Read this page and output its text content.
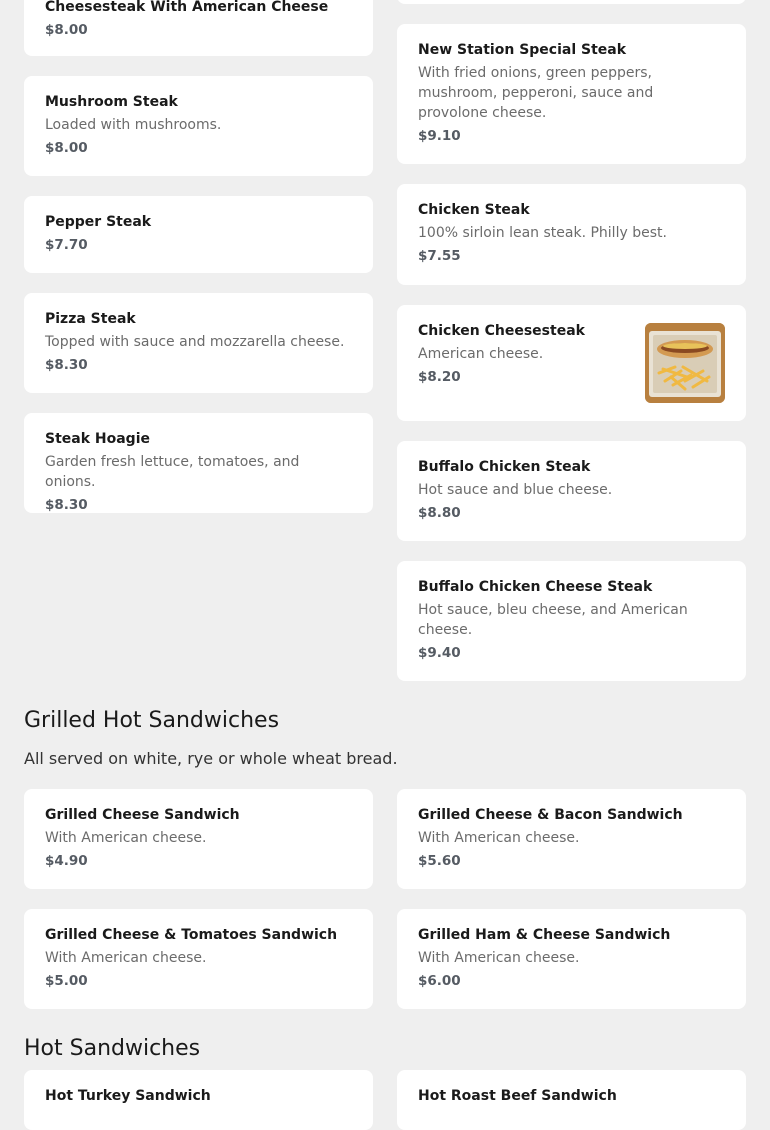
Cheesesteak With American Cheese
$8.00
Mushroom Steak
Loaded with mushrooms.
$8.00
Pepper Steak
$7.70
Pizza Steak
Topped with sauce and mozzarella cheese.
$8.30
Steak Hoagie
Garden fresh lettuce, tomatoes, and onions.
$8.30
New Station Special Steak
With fried onions, green peppers, mushroom, pepperoni, sauce and provolone cheese.
$9.10
Chicken Steak
100% sirloin lean steak. Philly best.
$7.55
Chicken Cheesesteak
American cheese.
$8.20
Buffalo Chicken Steak
Hot sauce and blue cheese.
$8.80
Buffalo Chicken Cheese Steak
Hot sauce, bleu cheese, and American cheese.
$9.40
Grilled Hot Sandwiches
All served on white, rye or whole wheat bread.
Grilled Cheese Sandwich
With American cheese.
$4.90
Grilled Cheese & Bacon Sandwich
With American cheese.
$5.60
Grilled Cheese & Tomatoes Sandwich
With American cheese.
$5.00
Grilled Ham & Cheese Sandwich
With American cheese.
$6.00
Hot Sandwiches
Hot Turkey Sandwich	Hot Roast Beef Sandwich
